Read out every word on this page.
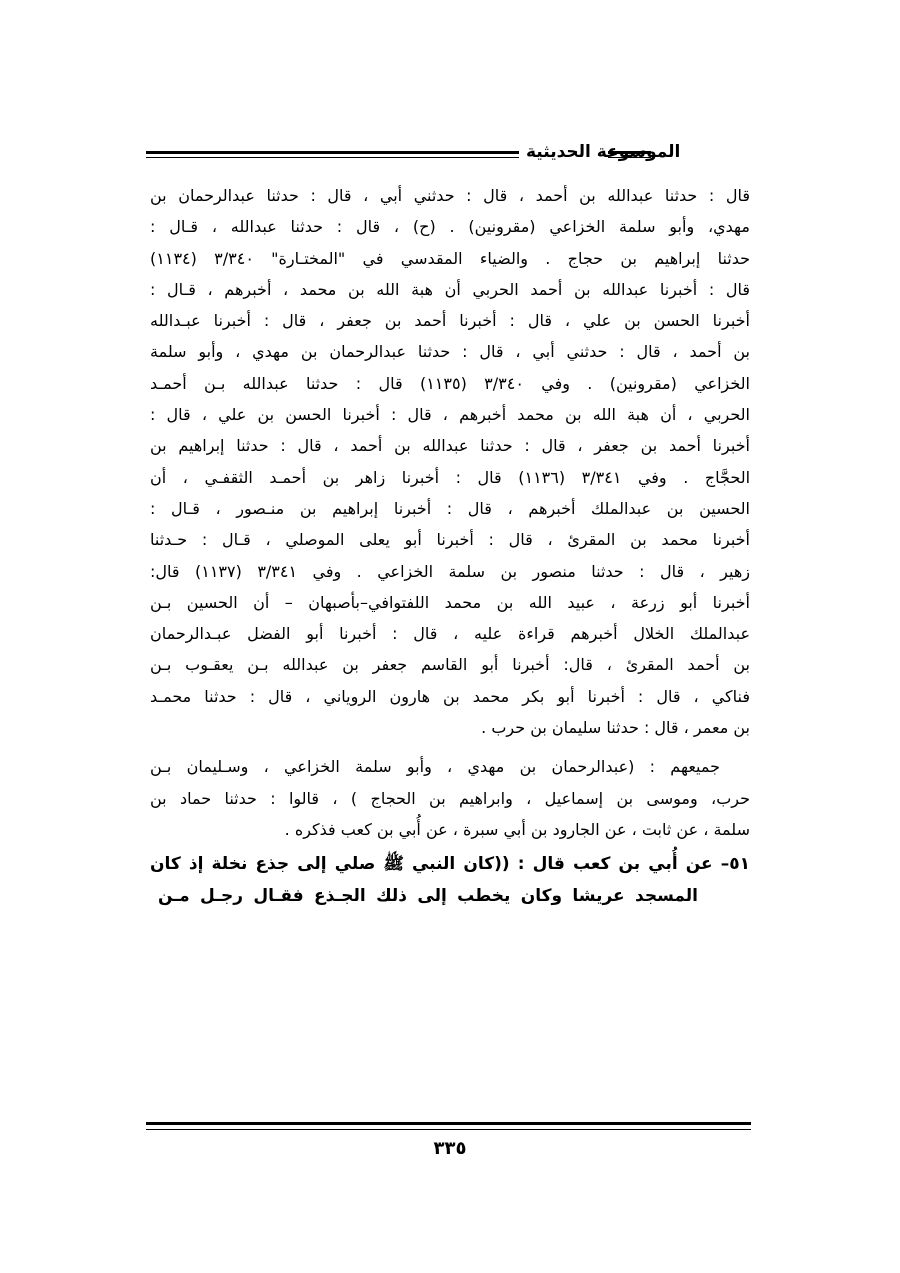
الموسوعة الحديثية
قال : حدثنا عبدالله بن أحمد ، قال : حدثني أبي ، قال : حدثنا عبدالرحمان بن
مهدي، وأبو سلمة الخزاعي (مقرونين) . (ح) ، قال : حدثنا عبدالله ، قـال :
حدثنا إبراهيم بن حجاج . والضياء المقدسي في "المختـارة" ٣/٣٤٠ (١١٣٤)
قال : أخبرنا عبدالله بن أحمد الحربي أن هبة الله بن محمد ، أخبرهم ، قـال :
أخبرنا الحسن بن علي ، قال : أخبرنا أحمد بن جعفر ، قال : أخبرنا عبـدالله
بن أحمد ، قال : حدثني أبي ، قال : حدثنا عبدالرحمان بن مهدي ، وأبو سلمة
الخزاعي (مقرونين) . وفي ٣/٣٤٠ (١١٣٥) قال : حدثنا عبدالله بـن أحمـد
الحربي ، أن هبة الله بن محمد أخبرهم ، قال : أخبرنا الحسن بن علي ، قال :
أخبرنا أحمد بن جعفر ، قال : حدثنا عبدالله بن أحمد ، قال : حدثنا إبراهيم بن
الحجَّاج . وفي ٣/٣٤١ (١١٣٦) قال : أخبرنا زاهر بن أحمـد الثقفـي ، أن
الحسين بن عبدالملك أخبرهم ، قال : أخبرنا إبراهيم بن منـصور ، قـال :
أخبرنا محمد بن المقرئ ، قال : أخبرنا أبو يعلى الموصلي ، قـال : حـدثنا
زهير ، قال : حدثنا منصور بن سلمة الخزاعي . وفي ٣/٣٤١ (١١٣٧) قال:
أخبرنا أبو زرعة ، عبيد الله بن محمد اللفتوافي–بأصبهان – أن الحسين بـن
عبدالملك الخلال أخبرهم قراءة عليه ، قال : أخبرنا أبو الفضل عبـدالرحمان
بن أحمد المقرئ ، قال: أخبرنا أبو القاسم جعفر بن عبدالله بـن يعقـوب بـن
فناكي ، قال : أخبرنا أبو بكر محمد بن هارون الروياني ، قال : حدثنا محمـد
بن معمر ، قال : حدثنا سليمان بن حرب .
جميعهم : (عبدالرحمان بن مهدي ، وأبو سلمة الخزاعي ، وسـليمان بـن
حرب، وموسى بن إسماعيل ، وابراهيم بن الحجاج ) ، قالوا : حدثنا حماد بن
سلمة ، عن ثابت ، عن الجارود بن أبي سبرة ، عن أُبي بن كعب فذكره .
٥١– عن أُبي بن كعب قال : ((كان النبي ﷺ صلي إلى جذع نخلة إذ كان
المسجد عريشا وكان يخطب إلى ذلك الجـذع فقـال رجـل مـن
٣٣٥
